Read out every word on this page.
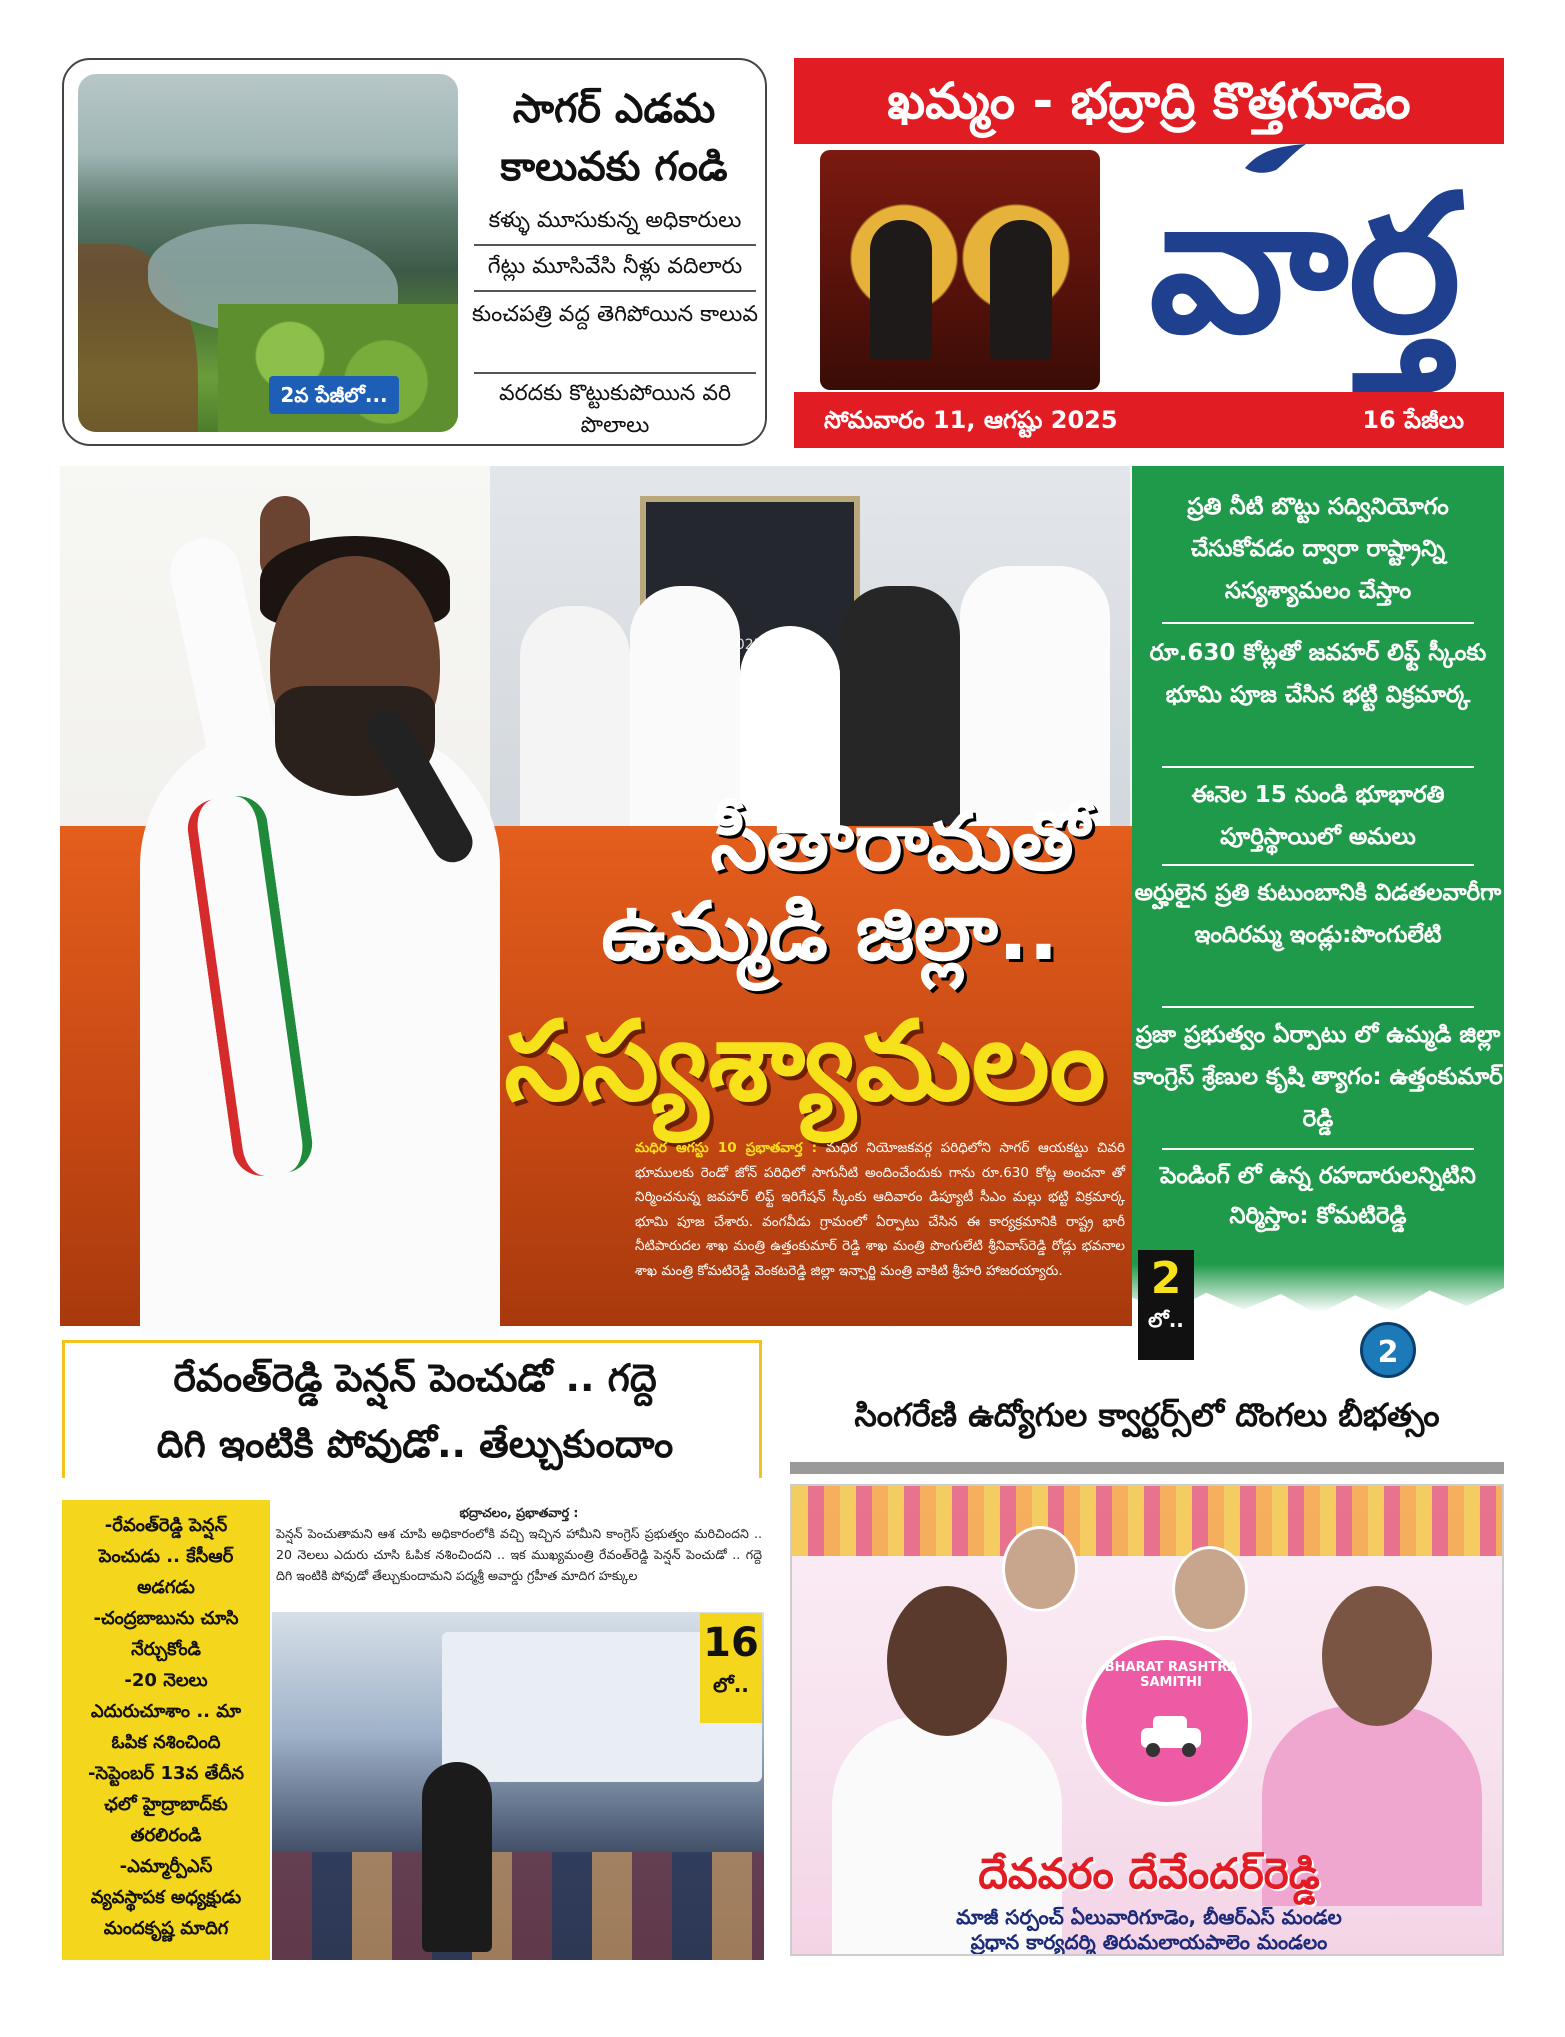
2వ పేజీలో...
సాగర్ ఎడమ కాలువకు గండి
కళ్ళు మూసుకున్న అధికారులు
గేట్లు మూసివేసి నీళ్లు వదిలారు
కుంచపత్రి వద్ద తెగిపోయిన కాలువ
వరదకు కొట్టుకుపోయిన వరి పొలాలు
ఖమ్మం - భద్రాద్రి కొత్తగూడెం
వార్త
సోమవారం 11, ఆగష్టు 2025	16 పేజీలు
సీతారామతో
ఉమ్మడి జిల్లా..
సస్యశ్యామలం
మధిర ఆగస్టు 10 ప్రభాతవార్త : మధిర నియోజకవర్గ పరిధిలోని సాగర్ ఆయకట్టు చివరి భూములకు రెండో జోన్ పరిధిలో సాగునీటి అందించేందుకు గాను రూ.630 కోట్ల అంచనా తో నిర్మించనున్న జవహర్ లిఫ్ట్ ఇరిగేషన్ స్కీంకు ఆదివారం డిప్యూటీ సీఎం మల్లు భట్టి విక్రమార్క భూమి పూజ చేశారు. వంగవీడు గ్రామంలో ఏర్పాటు చేసిన ఈ కార్యక్రమానికి రాష్ట్ర భారీ నీటిపారుదల శాఖ మంత్రి ఉత్తంకుమార్ రెడ్డి శాఖ మంత్రి పొంగులేటి శ్రీనివాస్‌రెడ్డి రోడ్లు భవనాల శాఖ మంత్రి కోమటిరెడ్డి వెంకటరెడ్డి జిల్లా ఇన్చార్జి మంత్రి వాకిటి శ్రీహరి హాజరయ్యారు.
ప్రతి నీటి బొట్టు సద్వినియోగం చేసుకోవడం ద్వారా రాష్ట్రాన్ని సస్యశ్యామలం చేస్తాం
రూ.630 కోట్లతో జవహర్ లిఫ్ట్ స్కీంకు భూమి పూజ చేసిన భట్టి విక్రమార్క
ఈనెల 15 నుండి భూభారతి పూర్తిస్థాయిలో అమలు
అర్హులైన ప్రతి కుటుంబానికి విడతలవారీగా ఇందిరమ్మ ఇండ్లు:పొంగులేటి
ప్రజా ప్రభుత్వం ఏర్పాటు లో ఉమ్మడి జిల్లా కాంగ్రెస్ శ్రేణుల కృషి త్యాగం: ఉత్తంకుమార్ రెడ్డి
పెండింగ్ లో ఉన్న రహదారులన్నిటిని నిర్మిస్తాం: కోమటిరెడ్డి
2
లో..
2
రేవంత్‌రెడ్డి పెన్షన్ పెంచుడో .. గద్దె
దిగి ఇంటికి పోవుడో.. తేల్చుకుందాం
-రేవంత్‌రెడ్డి పెన్షన్
పెంచుడు .. కేసీఆర్
అడగడు
-చంద్రబాబును చూసి
నేర్చుకోండి
-20 నెలలు
ఎదురుచూశాం .. మా
ఓపిక నశించింది
-సెప్టెంబర్ 13వ తేదీన
ఛలో హైద్రాబాద్‌కు
తరలిరండి
-ఎమ్మార్పీఎస్
వ్యవస్థాపక అధ్యక్షుడు
మందకృష్ణ మాదిగ
భద్రాచలం, ప్రభాతవార్త :
పెన్షన్ పెంచుతామని ఆశ చూపి అధికారంలోకి వచ్చి ఇచ్చిన హామీని కాంగ్రెస్ ప్రభుత్వం మరిచిందని .. 20 నెలలు ఎదురు చూసి ఓపిక నశించిందని .. ఇక ముఖ్యమంత్రి రేవంత్‌రెడ్డి పెన్షన్ పెంచుడో .. గద్దె దిగి ఇంటికి పోవుడో తేల్చుకుందామని పద్మశ్రీ అవార్డు గ్రహీత మాదిగ హక్కుల
16
లో..
సింగరేణి ఉద్యోగుల క్వార్టర్స్‌లో దొంగలు బీభత్సం
BHARAT RASHTRA SAMITHI
దేవవరం దేవేందర్‌రెడ్డి
మాజీ సర్పంచ్ ఏలువారిగూడెం, బీఆర్ఎస్ మండల
ప్రధాన కార్యదర్శి తిరుమలాయపాలెం మండలం
